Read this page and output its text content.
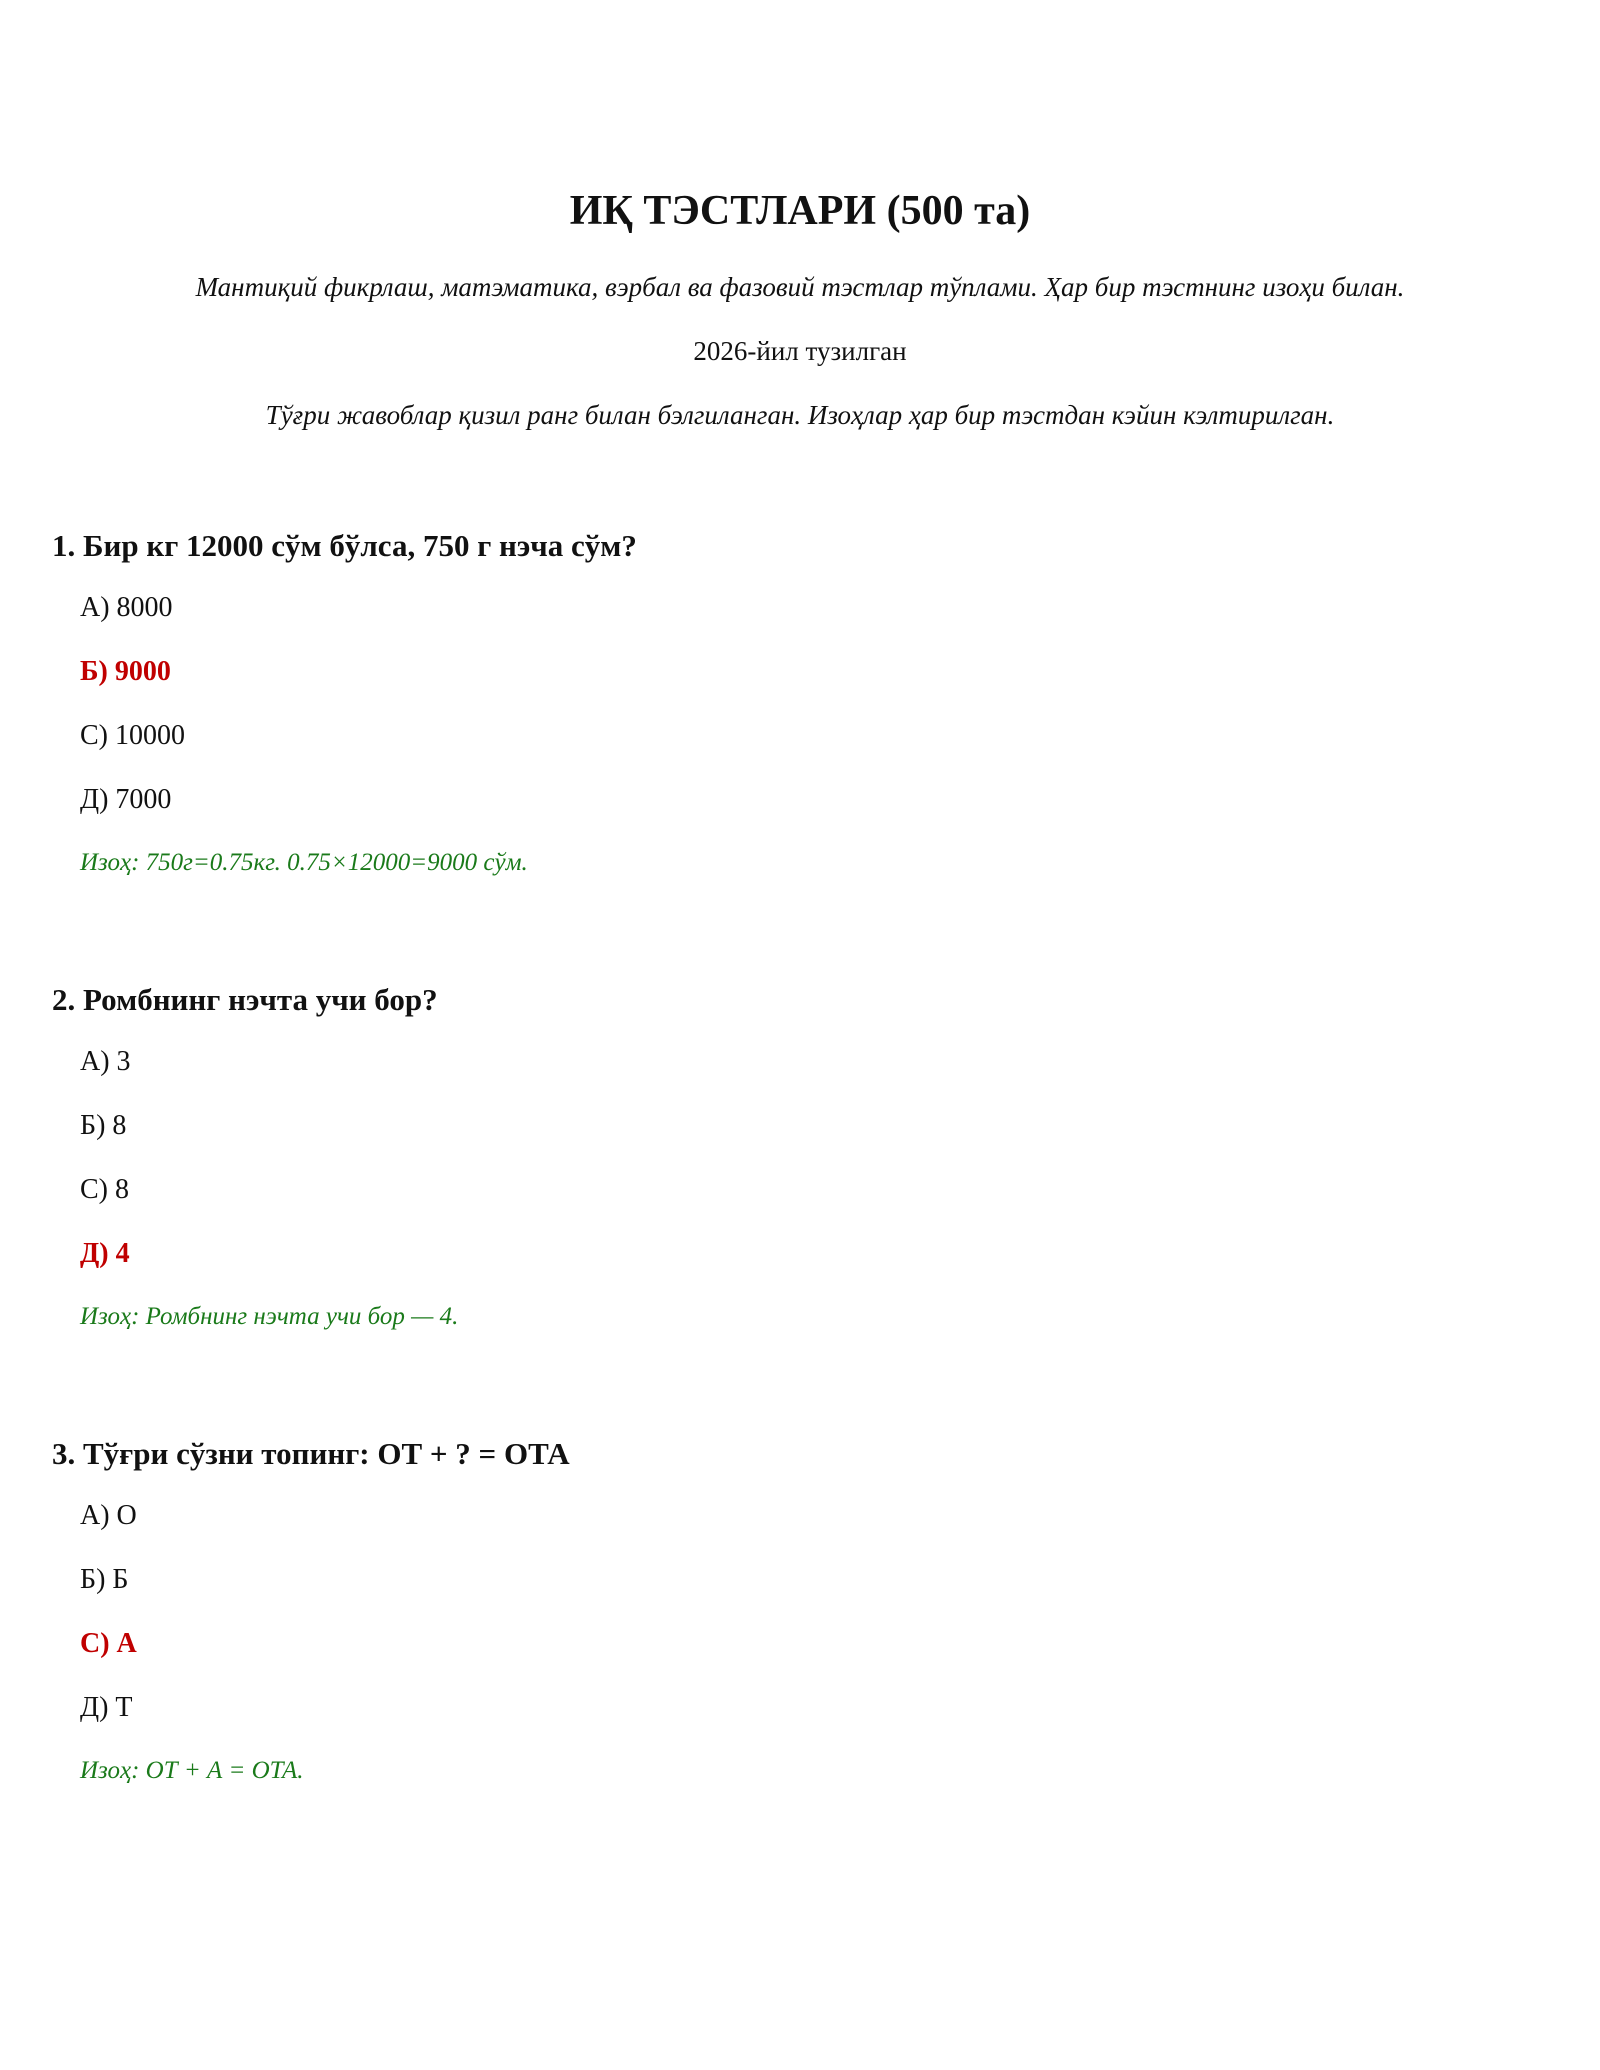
ИҚ ТЭСТЛАРИ (500 та)
Мантиқий фикрлаш, матэматика, вэрбал ва фазовий тэстлар тўплами. Ҳар бир тэстнинг изоҳи билан.
2026-йил тузилган
Тўғри жавоблар қизил ранг билан бэлгиланган. Изоҳлар ҳар бир тэстдан кэйин кэлтирилган.
1. Бир кг 12000 сўм бўлса, 750 г нэча сўм?
А) 8000
Б) 9000
С) 10000
Д) 7000
Изоҳ: 750г=0.75кг. 0.75×12000=9000 сўм.
2. Ромбнинг нэчта учи бор?
А) 3
Б) 8
С) 8
Д) 4
Изоҳ: Ромбнинг нэчта учи бор — 4.
3. Тўғри сўзни топинг: ОТ + ? = ОТА
А) О
Б) Б
С) А
Д) Т
Изоҳ: ОТ + А = ОТА.
